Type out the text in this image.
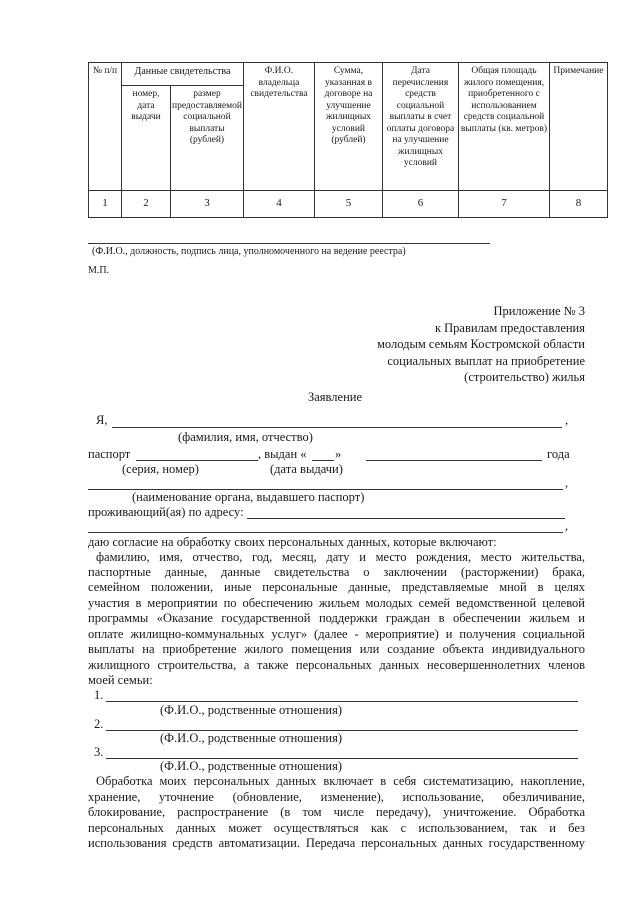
№ п/п	Данные свидетельства		Ф.И.О. владельца свидетельства	Сумма, указанная в договоре на улучшение жилищных условий (рублей)	Дата перечисления средств социальной выплаты в счет оплаты договора на улучшение жилищных условий	Общая площадь жилого помещения, приобретенного с использованием средств социальной выплаты (кв. метров)	Примечание
	номер, дата выдачи	размер предоставляемой социальной выплаты (рублей)					
1	2	3	4	5	6	7	8
(Ф.И.О., должность, подпись лица, уполномоченного на ведение реестра)
М.П.
Приложение № 3
к Правилам предоставления
молодым семьям Костромской области
социальных выплат на приобретение
(строительство) жилья
Заявление
Я,	,
(фамилия, имя, отчество)
паспорт	, выдан « »	года
(серия, номер)	(дата выдачи)
,
(наименование органа, выдавшего паспорт)
проживающий(ая) по адресу:
,
даю согласие на обработку своих персональных данных, которые включают:
фамилию, имя, отчество, год, месяц, дату и место рождения, место жительства,
паспортные данные, данные свидетельства о заключении (расторжении) брака,
семейном положении, иные персональные данные, представляемые мной в целях
участия в мероприятии по обеспечению жильем молодых семей ведомственной целевой
программы «Оказание государственной поддержки граждан в обеспечении жильем и
оплате жилищно-коммунальных услуг» (далее - мероприятие) и получения социальной
выплаты на приобретение жилого помещения или создание объекта индивидуального
жилищного строительства, а также персональных данных несовершеннолетних членов
моей семьи:
1.
(Ф.И.О., родственные отношения)
2.
(Ф.И.О., родственные отношения)
3.
(Ф.И.О., родственные отношения)
Обработка моих персональных данных включает в себя систематизацию, накопление,
хранение, уточнение (обновление, изменение), использование, обезличивание,
блокирование, распространение (в том числе передачу), уничтожение. Обработка
персональных данных может осуществляться как с использованием, так и без
использования средств автоматизации. Передача персональных данных государственному
